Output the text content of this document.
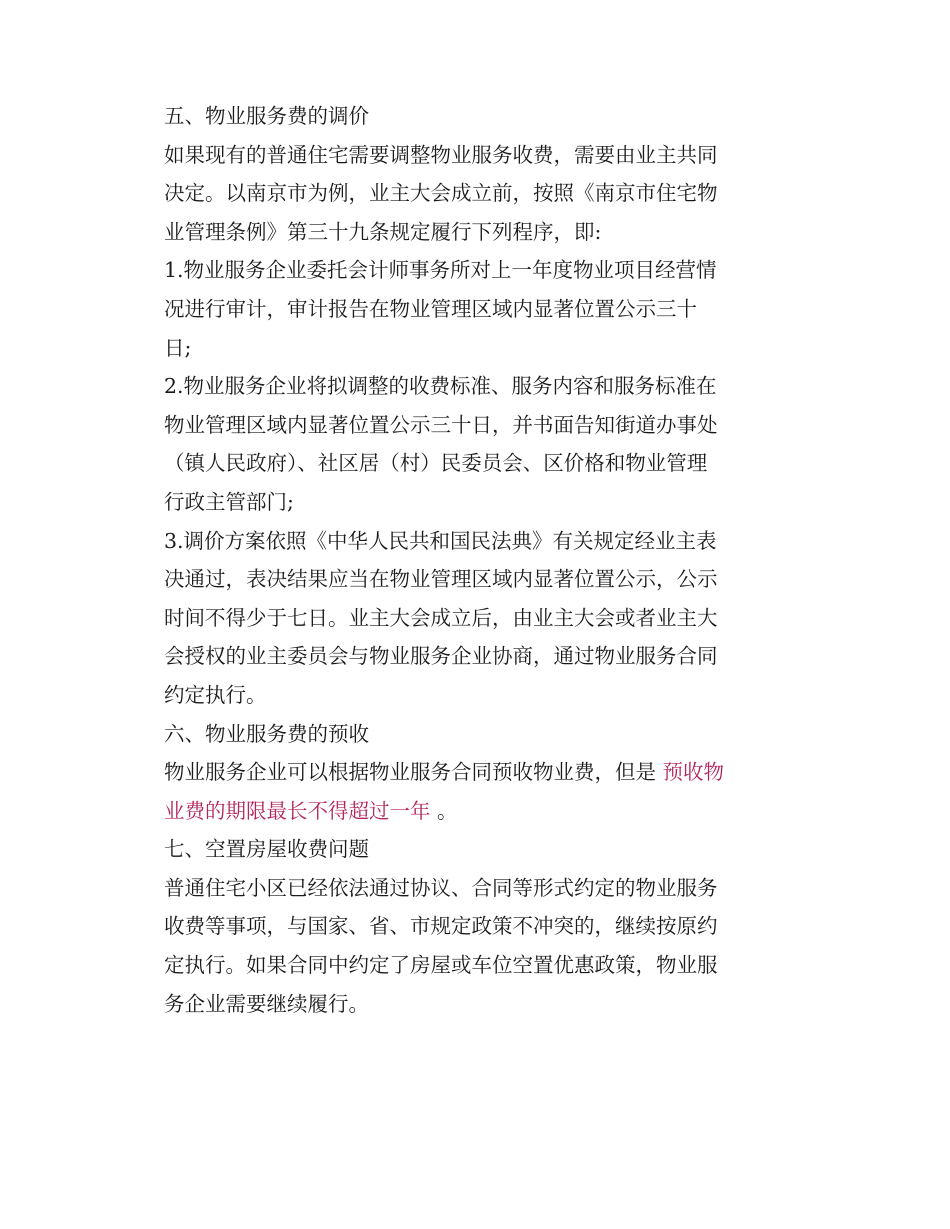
五、物业服务费的调价

如果现有的普通住宅需要调整物业服务收费，需要由业主共同
决定。以南京市为例，业主大会成立前，按照《南京市住宅物
业管理条例》第三十九条规定履行下列程序，即:

1.物业服务企业委托会计师事务所对上一年度物业项目经营情
况进行审计，审计报告在物业管理区域内显著位置公示三十
日;

2.物业服务企业将拟调整的收费标准、服务内容和服务标准在
物业管理区域内显著位置公示三十日，并书面告知街道办事处
（镇人民政府）、社区居（村）民委员会、区价格和物业管理
行政主管部门;

3.调价方案依照《中华人民共和国民法典》有关规定经业主表
决通过，表决结果应当在物业管理区域内显著位置公示，公示
时间不得少于七日。业主大会成立后，由业主大会或者业主大
会授权的业主委员会与物业服务企业协商，通过物业服务合同
约定执行。

六、物业服务费的预收

物业服务企业可以根据物业服务合同预收物业费，但是 预收物
业费的期限最长不得超过一年 。

七、空置房屋收费问题

普通住宅小区已经依法通过协议、合同等形式约定的物业服务
收费等事项，与国家、省、市规定政策不冲突的，继续按原约
定执行。如果合同中约定了房屋或车位空置优惠政策，物业服
务企业需要继续履行。
